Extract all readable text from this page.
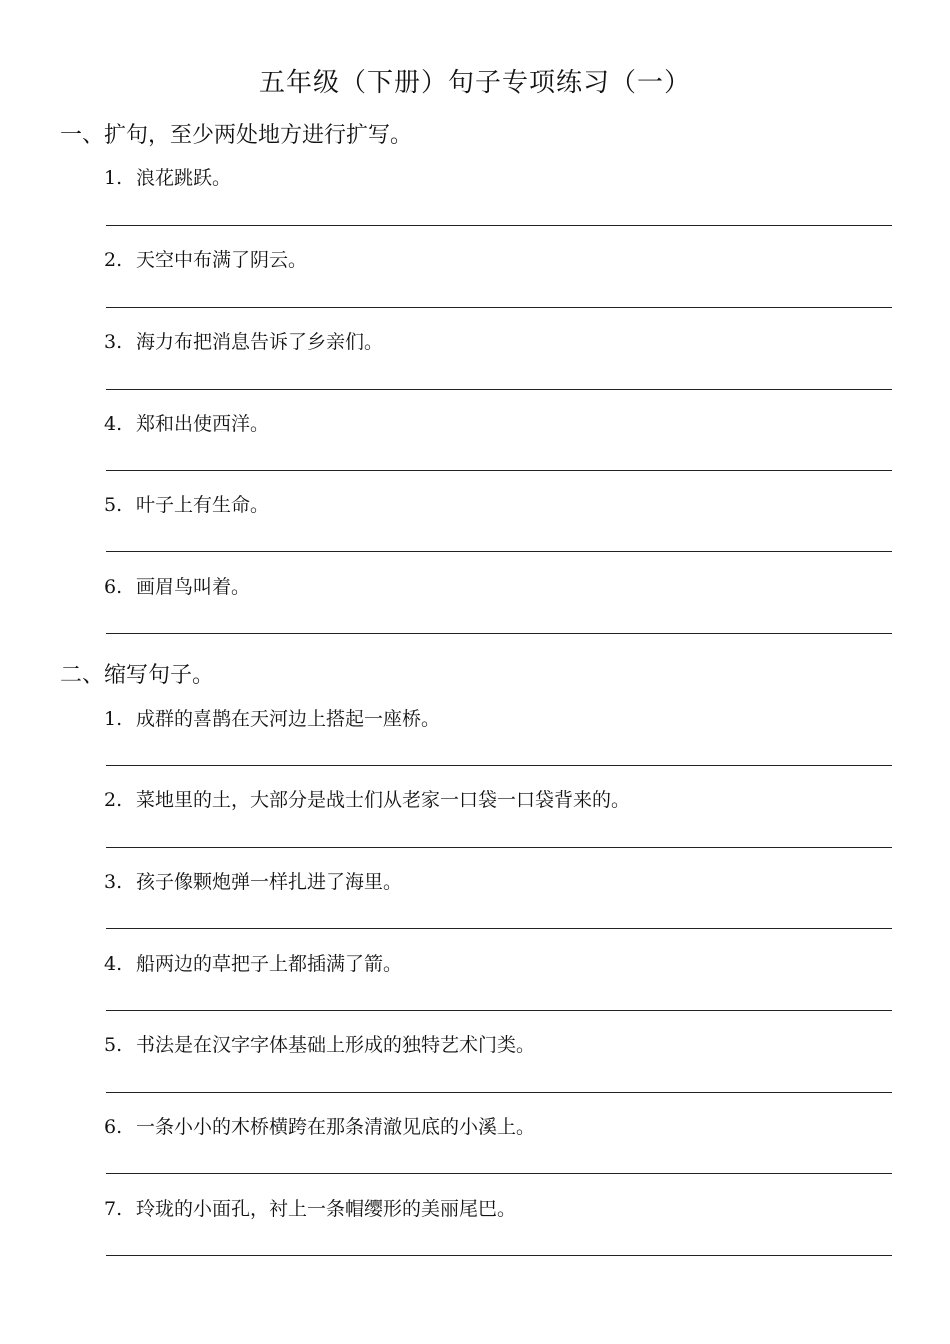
五年级（下册）句子专项练习（一）
一、扩句，至少两处地方进行扩写。
1. 浪花跳跃。
2. 天空中布满了阴云。
3. 海力布把消息告诉了乡亲们。
4. 郑和出使西洋。
5. 叶子上有生命。
6. 画眉鸟叫着。
二、缩写句子。
1. 成群的喜鹊在天河边上搭起一座桥。
2. 菜地里的土，大部分是战士们从老家一口袋一口袋背来的。
3. 孩子像颗炮弹一样扎进了海里。
4. 船两边的草把子上都插满了箭。
5. 书法是在汉字字体基础上形成的独特艺术门类。
6. 一条小小的木桥横跨在那条清澈见底的小溪上。
7. 玲珑的小面孔，衬上一条帽缨形的美丽尾巴。
